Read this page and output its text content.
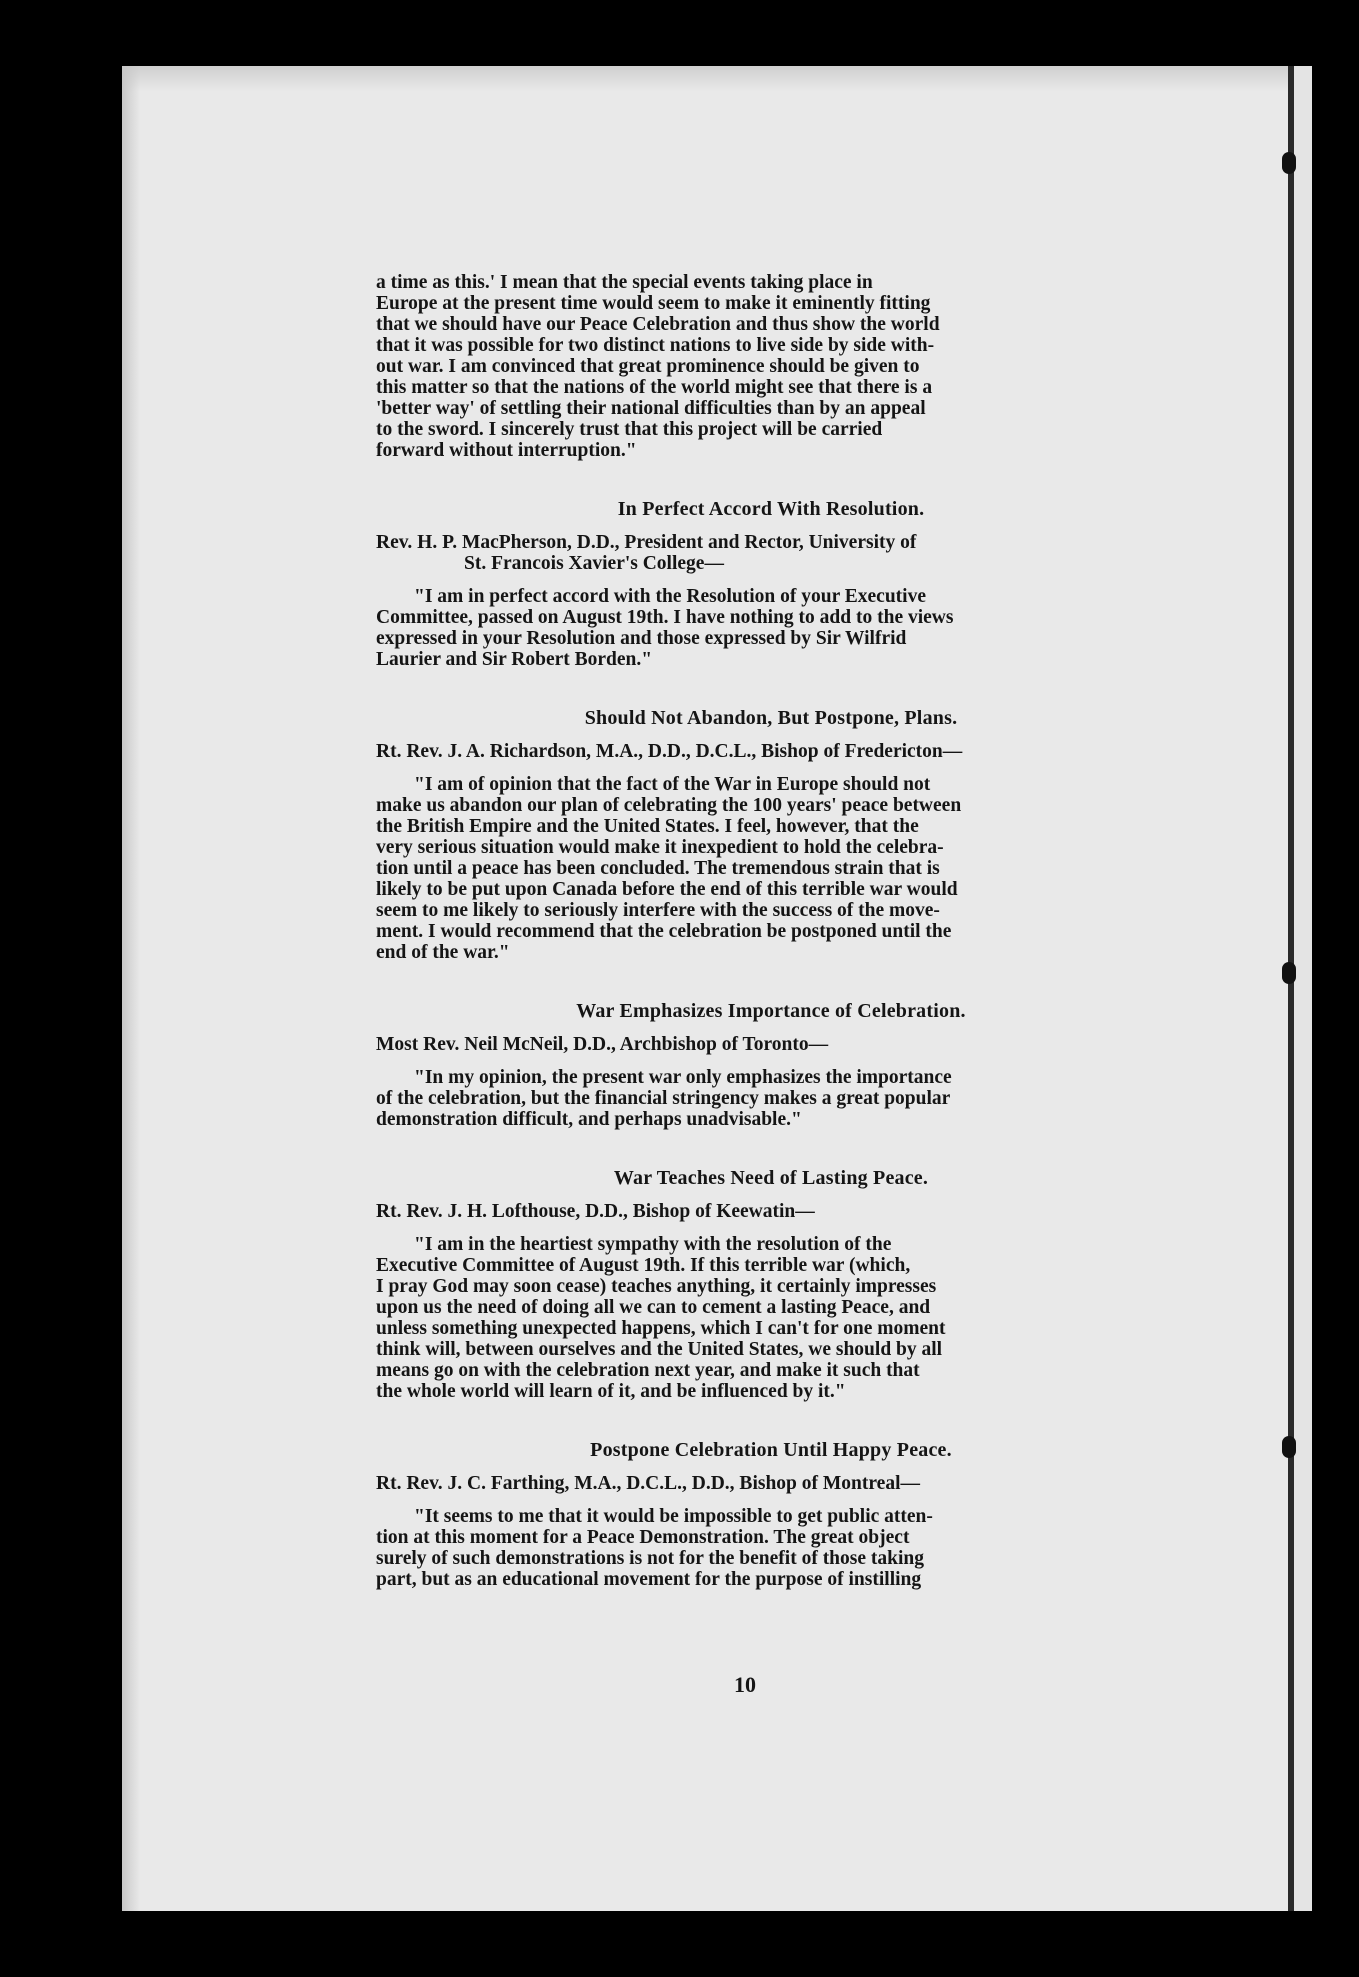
a time as this.' I mean that the special events taking place in
Europe at the present time would seem to make it eminently fitting
that we should have our Peace Celebration and thus show the world
that it was possible for two distinct nations to live side by side with-
out war. I am convinced that great prominence should be given to
this matter so that the nations of the world might see that there is a
'better way' of settling their national difficulties than by an appeal
to the sword. I sincerely trust that this project will be carried
forward without interruption."

In Perfect Accord With Resolution.

Rev. H. P. MacPherson, D.D., President and Rector, University of
St. Francois Xavier's College—

"I am in perfect accord with the Resolution of your Executive
Committee, passed on August 19th. I have nothing to add to the views
expressed in your Resolution and those expressed by Sir Wilfrid
Laurier and Sir Robert Borden."

Should Not Abandon, But Postpone, Plans.

Rt. Rev. J. A. Richardson, M.A., D.D., D.C.L., Bishop of Fredericton—

"I am of opinion that the fact of the War in Europe should not
make us abandon our plan of celebrating the 100 years' peace between
the British Empire and the United States. I feel, however, that the
very serious situation would make it inexpedient to hold the celebra-
tion until a peace has been concluded. The tremendous strain that is
likely to be put upon Canada before the end of this terrible war would
seem to me likely to seriously interfere with the success of the move-
ment. I would recommend that the celebration be postponed until the
end of the war."

War Emphasizes Importance of Celebration.

Most Rev. Neil McNeil, D.D., Archbishop of Toronto—

"In my opinion, the present war only emphasizes the importance
of the celebration, but the financial stringency makes a great popular
demonstration difficult, and perhaps unadvisable."

War Teaches Need of Lasting Peace.

Rt. Rev. J. H. Lofthouse, D.D., Bishop of Keewatin—

"I am in the heartiest sympathy with the resolution of the
Executive Committee of August 19th. If this terrible war (which,
I pray God may soon cease) teaches anything, it certainly impresses
upon us the need of doing all we can to cement a lasting Peace, and
unless something unexpected happens, which I can't for one moment
think will, between ourselves and the United States, we should by all
means go on with the celebration next year, and make it such that
the whole world will learn of it, and be influenced by it."

Postpone Celebration Until Happy Peace.

Rt. Rev. J. C. Farthing, M.A., D.C.L., D.D., Bishop of Montreal—

"It seems to me that it would be impossible to get public atten-
tion at this moment for a Peace Demonstration. The great object
surely of such demonstrations is not for the benefit of those taking
part, but as an educational movement for the purpose of instilling

10
